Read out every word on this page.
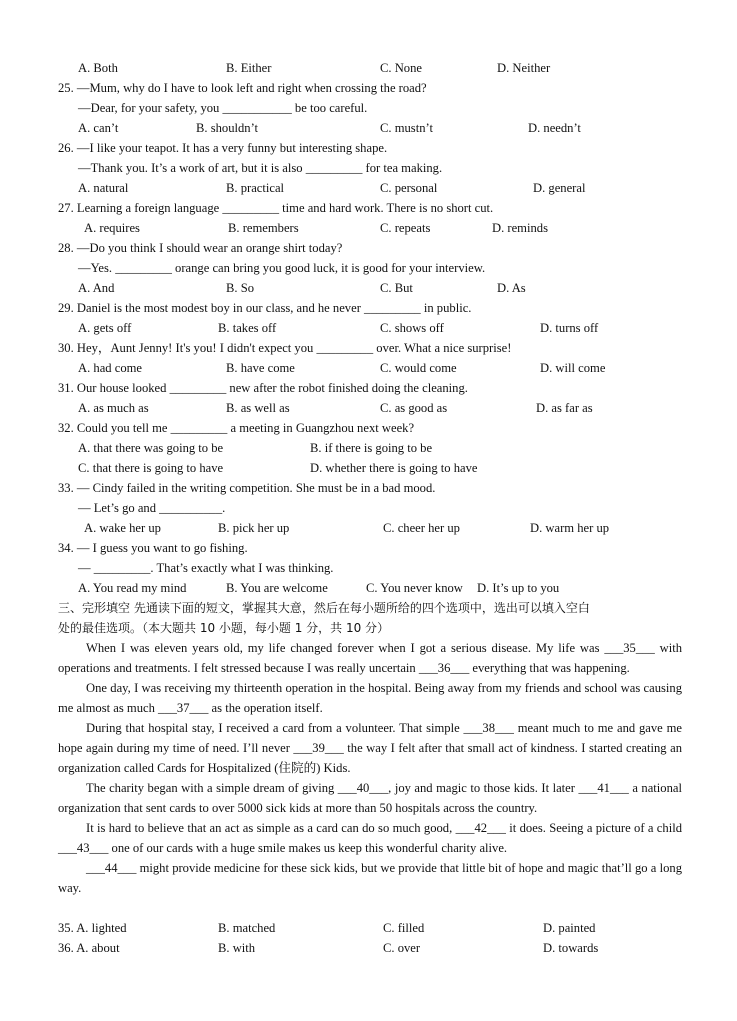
A. Both	B. Either	C. None	D. Neither
25. —Mum, why do I have to look left and right when crossing the road?
—Dear, for your safety, you ___________ be too careful.
A. can’t	B. shouldn’t	C. mustn’t	D. needn’t
26. —I like your teapot. It has a very funny but interesting shape.
—Thank you. It’s a work of art, but it is also _________ for tea making.
A. natural	B. practical	C. personal	D. general
27. Learning a foreign language _________ time and hard work. There is no short cut.
A. requires	B. remembers	C. repeats	D. reminds
28. —Do you think I should wear an orange shirt today?
—Yes. _________ orange can bring you good luck, it is good for your interview.
A. And	B. So	C. But	D. As
29. Daniel is the most modest boy in our class, and he never _________ in public.
A. gets off	B. takes off	C. shows off	D. turns off
30. Hey，Aunt Jenny! It's you! I didn't expect you _________ over. What a nice surprise!
A. had come	B. have come	C. would come	D. will come
31. Our house looked _________ new after the robot finished doing the cleaning.
A. as much as	B. as well as	C. as good as	D. as far as
32. Could you tell me _________ a meeting in Guangzhou next week?
A. that there was going to be	B. if there is going to be
C. that there is going to have	D. whether there is going to have
33. — Cindy failed in the writing competition. She must be in a bad mood.
— Let’s go and __________.
A. wake her up	B. pick her up	C. cheer her up	D. warm her up
34. — I guess you want to go fishing.
— _________. That’s exactly what I was thinking.
A. You read my mind	B. You are welcome	C. You never know D. It’s up to you
三、完形填空 先通读下面的短文，掌握其大意，然后在每小题所给的四个选项中，选出可以填入空白
处的最佳选项。（本大题共 10 小题，每小题 1 分，共 10 分）

When I was eleven years old, my life changed forever when I got a serious disease. My life was ___35___ with operations and treatments. I felt stressed because I was really uncertain ___36___ everything that was happening.

One day, I was receiving my thirteenth operation in the hospital. Being away from my friends and school was causing me almost as much ___37___ as the operation itself.

During that hospital stay, I received a card from a volunteer. That simple ___38___ meant much to me and gave me hope again during my time of need. I’ll never ___39___ the way I felt after that small act of kindness. I started creating an organization called Cards for Hospitalized (住院的) Kids.

The charity began with a simple dream of giving ___40___, joy and magic to those kids. It later ___41___ a national organization that sent cards to over 5000 sick kids at more than 50 hospitals across the country.

It is hard to believe that an act as simple as a card can do so much good, ___42___ it does. Seeing a picture of a child ___43___ one of our cards with a huge smile makes us keep this wonderful charity alive.

___44___ might provide medicine for these sick kids, but we provide that little bit of hope and magic that’ll go a long way.

35. A. lighted	B. matched	C. filled	D. painted
36. A. about	B. with	C. over	D. towards
